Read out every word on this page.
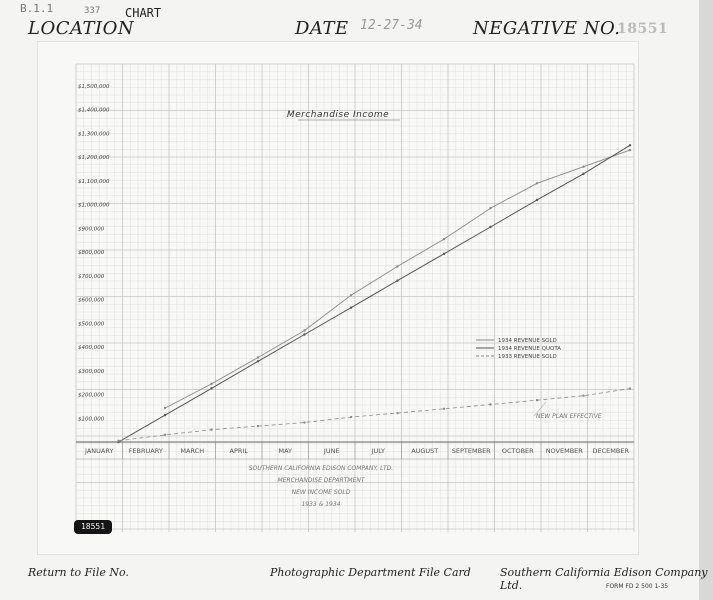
B.1.1	337 CHART
LOCATION	DATE 12-27-34	NEGATIVE NO.
18551
$100,000
$200,000
$300,000
$400,000
$500,000
$600,000
$700,000
$800,000
$900,000
$1,000,000
$1,100,000
$1,200,000
$1,300,000
$1,400,000
$1,500,000
JANUARY FEBRUARY	MARCH	APRIL	MAY	JUNE	JULY	AUGUST SEPTEMBER OCTOBER NOVEMBER DECEMBER
Merchandise Income
1934 REVENUE SOLD
1934 REVENUE QUOTA
1933 REVENUE SOLD
NEW PLAN EFFECTIVE
SOUTHERN CALIFORNIA EDISON COMPANY, LTD.
MERCHANDISE DEPARTMENT
NEW INCOME SOLD
1933 & 1934
18551
Return to File No.	Photographic Department File Card	Southern California Edison Company Ltd.	FORM FD 2 500 1-35
